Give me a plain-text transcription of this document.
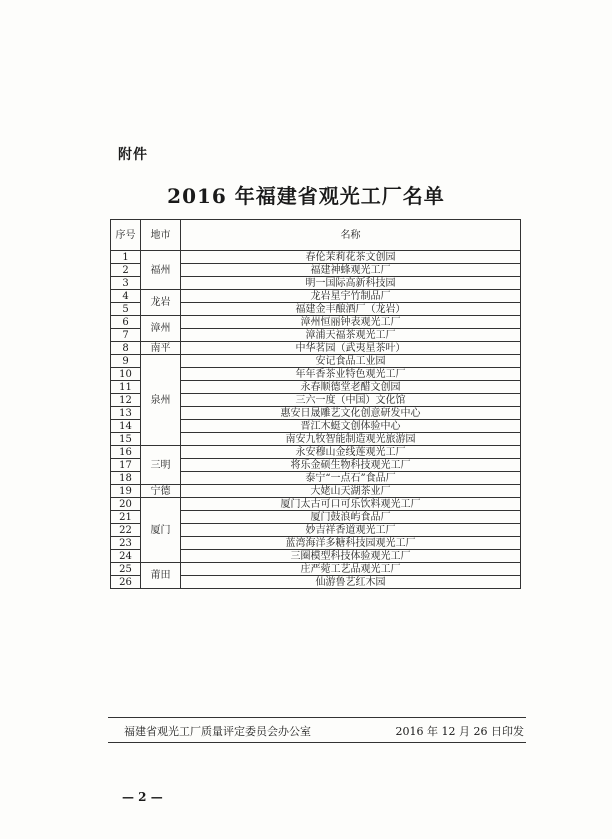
附件
2016 年福建省观光工厂名单
序号	地市	名称
1	福州	春伦茉莉花茶文创园
2		福建神蜂观光工厂
3		明一国际高新科技园
4	龙岩	龙岩星宇竹制品厂
5		福建金丰酿酒厂（龙岩）
6	漳州	漳州恒丽钟表观光工厂
7		漳浦天福茶观光工厂
8	南平	中华茗园（武夷星茶叶）
9	泉州	安记食品工业园
10		年年香茶业特色观光工厂
11		永春顺德堂老醋文创园
12		三六一度（中国）文化馆
13		惠安日晟雕艺文化创意研发中心
14		晋江木蜓文创体验中心
15		南安九牧智能制造观光旅游园
16	三明	永安穆山金线莲观光工厂
17		将乐金硕生物科技观光工厂
18		泰宁“一点石”食品厂
19	宁德	大姥山天湖茶业厂
20	厦门	厦门太古可口可乐饮料观光工厂
21		厦门鼓浪屿食品厂
22		妙吉祥香道观光工厂
23		蓝湾海洋多糖科技园观光工厂
24		三圈模型科技体验观光工厂
25	莆田	庄严菀工艺品观光工厂
26		仙游鲁艺红木园
福建省观光工厂质量评定委员会办公室	2016 年 12 月 26 日印发
— 2 —
